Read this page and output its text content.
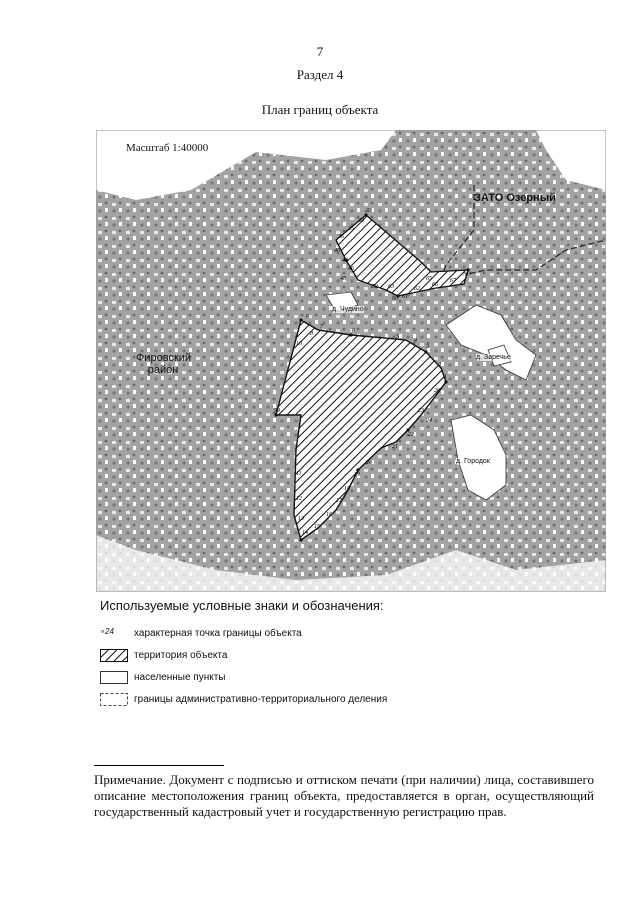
7
Раздел 4
План границ объекта
33
34
35
36
40
44
46
48
52
60 61
62
63
65
66
67
70
9
7
6
8
10
99
5
4
3
2
1
26
23
24
22
21
20
19
18
17
16
15
14
13
12
11
Масштаб 1:40000
ЗАТО Озерный
Фировский район
д. Чудино
д. Заречье
д. Городок
Используемые условные знаки и обозначения:
∘24	характерная точка границы объекта
территория объекта
населенные пункты
границы административно-территориального деления
Примечание. Документ с подписью и оттиском печати (при наличии) лица, составившего описание местоположения границ объекта, предоставляется в орган, осуществляющий государственный кадастровый учет и государственную регистрацию прав.
